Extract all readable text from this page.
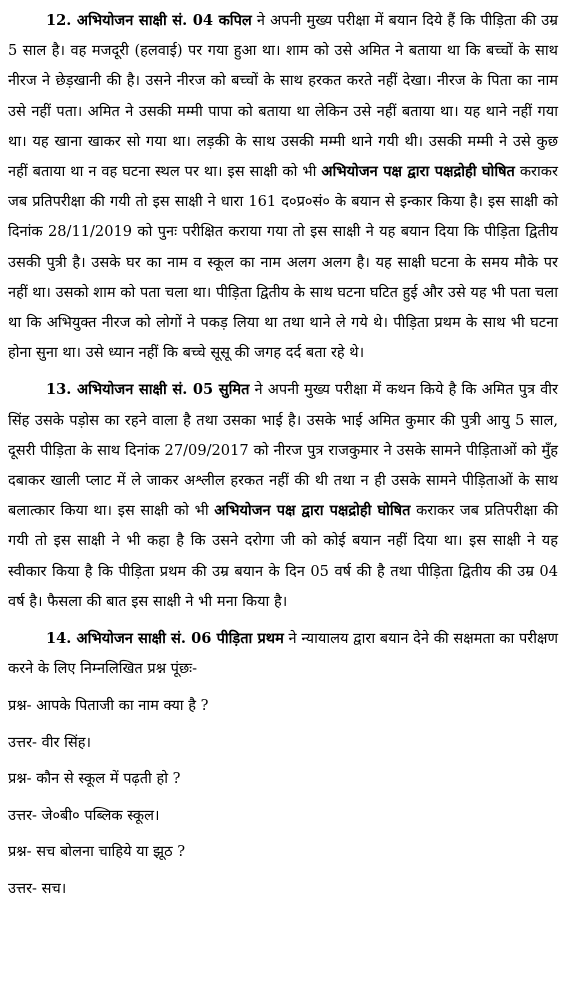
12. अभियोजन साक्षी सं. 04 कपिल ने अपनी मुख्य परीक्षा में बयान दिये हैं कि पीड़िता की उम्र 5 साल है। वह मजदूरी (हलवाई) पर गया हुआ था। शाम को उसे अमित ने बताया था कि बच्चों के साथ नीरज ने छेड़खानी की है। उसने नीरज को बच्चों के साथ हरकत करते नहीं देखा। नीरज के पिता का नाम उसे नहीं पता। अमित ने उसकी मम्मी पापा को बताया था लेकिन उसे नहीं बताया था। यह थाने नहीं गया था। यह खाना खाकर सो गया था। लड़की के साथ उसकी मम्मी थाने गयी थी। उसकी मम्मी ने उसे कुछ नहीं बताया था न वह घटना स्थल पर था। इस साक्षी को भी अभियोजन पक्ष द्वारा पक्षद्रोही घोषित कराकर जब प्रतिपरीक्षा की गयी तो इस साक्षी ने धारा 161 द०प्र०सं० के बयान से इन्कार किया है। इस साक्षी को दिनांक 28/11/2019 को पुनः परीक्षित कराया गया तो इस साक्षी ने यह बयान दिया कि पीड़िता द्वितीय उसकी पुत्री है। उसके घर का नाम व स्कूल का नाम अलग अलग है। यह साक्षी घटना के समय मौके पर नहीं था। उसको शाम को पता चला था। पीड़िता द्वितीय के साथ घटना घटित हुई और उसे यह भी पता चला था कि अभियुक्त नीरज को लोगों ने पकड़ लिया था तथा थाने ले गये थे। पीड़िता प्रथम के साथ भी घटना होना सुना था। उसे ध्यान नहीं कि बच्चे सूसू की जगह दर्द बता रहे थे।

13. अभियोजन साक्षी सं. 05 सुमित ने अपनी मुख्य परीक्षा में कथन किये है कि अमित पुत्र वीर सिंह उसके पड़ोस का रहने वाला है तथा उसका भाई है। उसके भाई अमित कुमार की पुत्री आयु 5 साल, दूसरी पीड़िता के साथ दिनांक 27/09/2017 को नीरज पुत्र राजकुमार ने उसके सामने पीड़िताओं को मुँह दबाकर खाली प्लाट में ले जाकर अश्लील हरकत नहीं की थी तथा न ही उसके सामने पीड़िताओं के साथ बलात्कार किया था। इस साक्षी को भी अभियोजन पक्ष द्वारा पक्षद्रोही घोषित कराकर जब प्रतिपरीक्षा की गयी तो इस साक्षी ने भी कहा है कि उसने दरोगा जी को कोई बयान नहीं दिया था। इस साक्षी ने यह स्वीकार किया है कि पीड़िता प्रथम की उम्र बयान के दिन 05 वर्ष की है तथा पीड़िता द्वितीय की उम्र 04 वर्ष है। फैसला की बात इस साक्षी ने भी मना किया है।

14. अभियोजन साक्षी सं. 06 पीड़िता प्रथम ने न्यायालय द्वारा बयान देने की सक्षमता का परीक्षण करने के लिए निम्नलिखित प्रश्न पूंछः-

प्रश्न- आपके पिताजी का नाम क्या है ?

उत्तर- वीर सिंह।

प्रश्न- कौन से स्कूल में पढ़ती हो ?

उत्तर- जे०बी० पब्लिक स्कूल।

प्रश्न- सच बोलना चाहिये या झूठ ?

उत्तर- सच।
